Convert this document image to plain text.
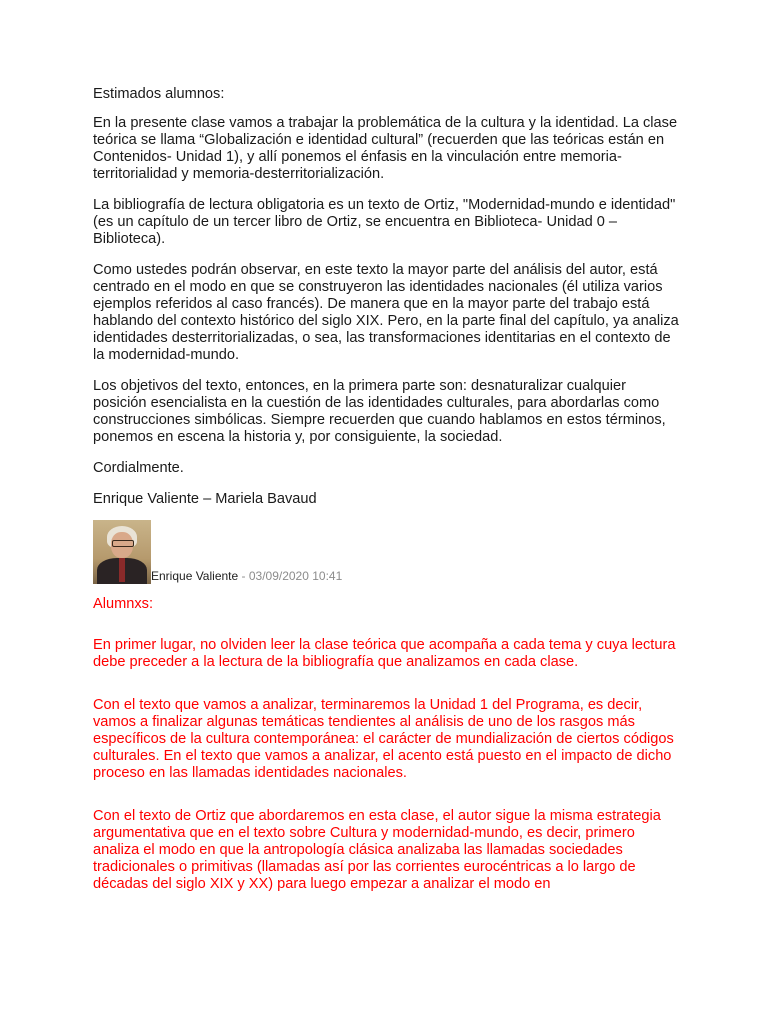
Estimados alumnos:

En la presente clase vamos a trabajar la problemática de la cultura y la identidad. La clase teórica se llama “Globalización e identidad cultural” (recuerden que las teóricas están en Contenidos- Unidad 1), y allí ponemos el énfasis en la vinculación entre memoria-territorialidad y memoria-desterritorialización.

La bibliografía de lectura obligatoria es un texto de Ortiz, "Modernidad-mundo e identidad" (es un capítulo de un tercer libro de Ortiz, se encuentra en Biblioteca- Unidad 0 –Biblioteca).

Como ustedes podrán observar, en este texto la mayor parte del análisis del autor, está centrado en el modo en que se construyeron las identidades nacionales (él utiliza varios ejemplos referidos al caso francés). De manera que en la mayor parte del trabajo está hablando del contexto histórico del siglo XIX. Pero, en la parte final del capítulo, ya analiza identidades desterritorializadas, o sea, las transformaciones identitarias en el contexto de la modernidad-mundo.

Los objetivos del texto, entonces, en la primera parte son: desnaturalizar cualquier posición esencialista en la cuestión de las identidades culturales, para abordarlas como construcciones simbólicas. Siempre recuerden que cuando hablamos en estos términos, ponemos en escena la historia y, por consiguiente, la sociedad.

Cordialmente.

Enrique Valiente – Mariela Bavaud

Enrique Valiente - 03/09/2020 10:41

Alumnxs:

En primer lugar, no olviden leer la clase teórica que acompaña a cada tema y cuya lectura debe preceder a la lectura de la bibliografía que analizamos en cada clase.

Con el texto que vamos a analizar, terminaremos la Unidad 1 del Programa, es decir, vamos a finalizar algunas temáticas tendientes al análisis de uno de los rasgos más específicos de la cultura contemporánea: el carácter de mundialización de ciertos códigos culturales. En el texto que vamos a analizar, el acento está puesto en el impacto de dicho proceso en las llamadas identidades nacionales.

Con el texto de Ortiz que abordaremos en esta clase, el autor sigue la misma estrategia argumentativa que en el texto sobre Cultura y modernidad-mundo, es decir, primero analiza el modo en que la antropología clásica analizaba las llamadas sociedades tradicionales o primitivas (llamadas así por las corrientes eurocéntricas a lo largo de décadas del siglo XIX y XX) para luego empezar a analizar el modo en
